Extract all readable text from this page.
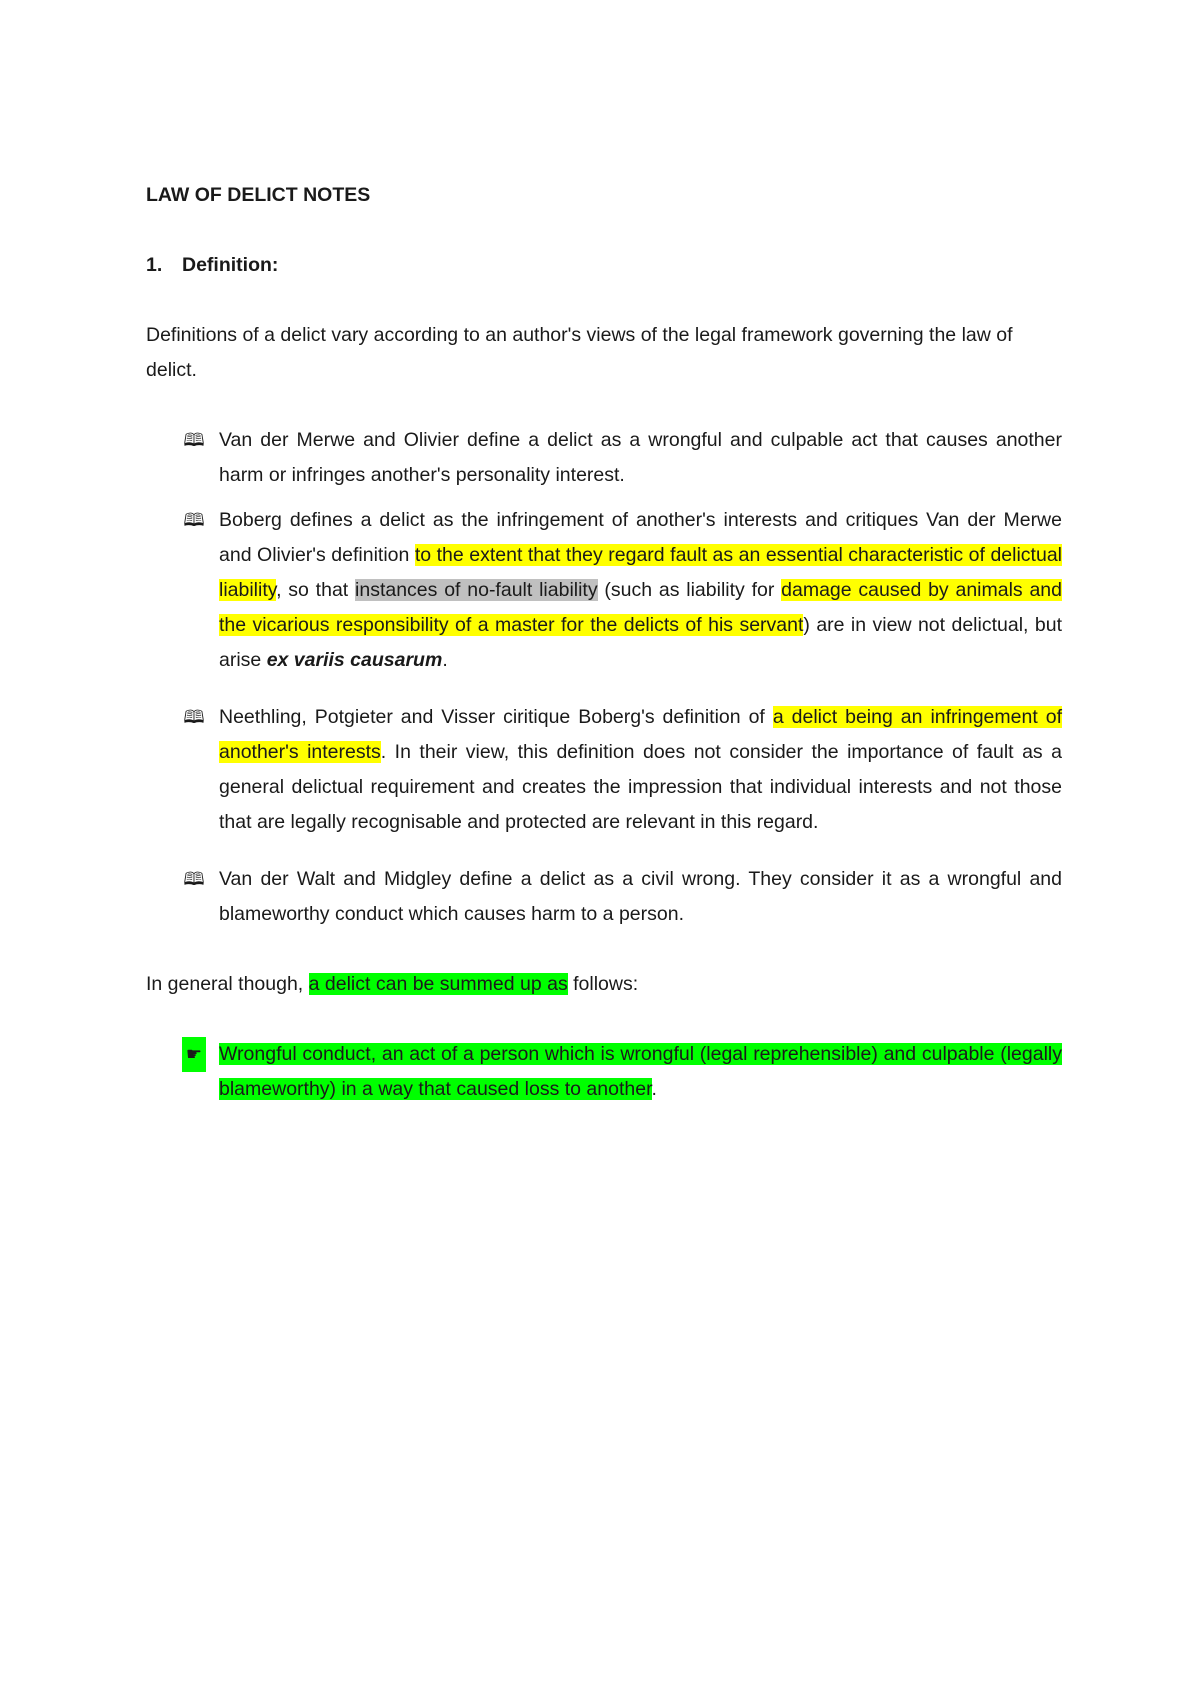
LAW OF DELICT NOTES
1.	Definition:

Definitions of a delict vary according to an author's views of the legal framework governing the law of delict.

🕮 Van der Merwe and Olivier define a delict as a wrongful and culpable act that causes another harm or infringes another's personality interest.
🕮 Boberg defines a delict as the infringement of another's interests and critiques Van der Merwe and Olivier's definition to the extent that they regard fault as an essential characteristic of delictual liability, so that instances of no-fault liability (such as liability for damage caused by animals and the vicarious responsibility of a master for the delicts of his servant) are in view not delictual, but arise ex variis causarum.
🕮 Neethling, Potgieter and Visser ciritique Boberg's definition of a delict being an infringement of another's interests. In their view, this definition does not consider the importance of fault as a general delictual requirement and creates the impression that individual interests and not those that are legally recognisable and protected are relevant in this regard.
🕮 Van der Walt and Midgley define a delict as a civil wrong. They consider it as a wrongful and blameworthy conduct which causes harm to a person.

In general though, a delict can be summed up as follows:

☛ Wrongful conduct, an act of a person which is wrongful (legal reprehensible) and culpable (legally blameworthy) in a way that caused loss to another.
